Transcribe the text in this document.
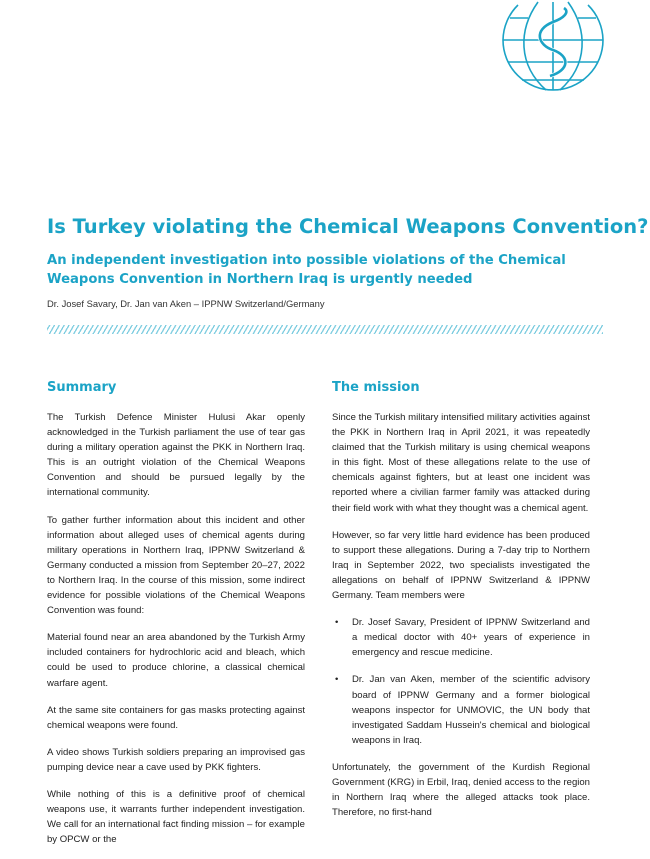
Is Turkey violating the Chemical Weapons Convention?
An independent investigation into possible violations of the Chemical Weapons Convention in Northern Iraq is urgently needed

Dr. Josef Savary, Dr. Jan van Aken – IPPNW Switzerland/Germany

Summary

The Turkish Defence Minister Hulusi Akar openly acknowledged in the Turkish parliament the use of tear gas during a military operation against the PKK in Northern Iraq. This is an outright violation of the Chemical Weapons Convention and should be pursued legally by the international community.

To gather further information about this incident and other information about alleged uses of chemical agents during military operations in Northern Iraq, IPPNW Switzerland & Germany conducted a mission from September 20–27, 2022 to Northern Iraq. In the course of this mission, some indirect evidence for possible violations of the Chemical Weapons Convention was found:

Material found near an area abandoned by the Turkish Army included containers for hydrochloric acid and bleach, which could be used to produce chlorine, a classical chemical warfare agent.

At the same site containers for gas masks protecting against chemical weapons were found.

A video shows Turkish soldiers preparing an improvised gas pumping device near a cave used by PKK fighters.

While nothing of this is a definitive proof of chemical weapons use, it warrants further independent investigation. We call for an international fact finding mission – for example by OPCW or the

The mission

Since the Turkish military intensified military activities against the PKK in Northern Iraq in April 2021, it was repeatedly claimed that the Turkish military is using chemical weapons in this fight. Most of these allegations relate to the use of chemicals against fighters, but at least one incident was reported where a civilian farmer family was attacked during their field work with what they thought was a chemical agent.

However, so far very little hard evidence has been produced to support these allegations. During a 7-day trip to Northern Iraq in September 2022, two specialists investigated the allegations on behalf of IPPNW Switzerland & IPPNW Germany. Team members were

• Dr. Josef Savary, President of IPPNW Switzerland and a medical doctor with 40+ years of experience in emergency and rescue medicine.
• Dr. Jan van Aken, member of the scientific advisory board of IPPNW Germany and a former biological weapons inspector for UNMOVIC, the UN body that investigated Saddam Hussein's chemical and biological weapons in Iraq.

Unfortunately, the government of the Kurdish Regional Government (KRG) in Erbil, Iraq, denied access to the region in Northern Iraq where the alleged attacks took place. Therefore, no first-hand
